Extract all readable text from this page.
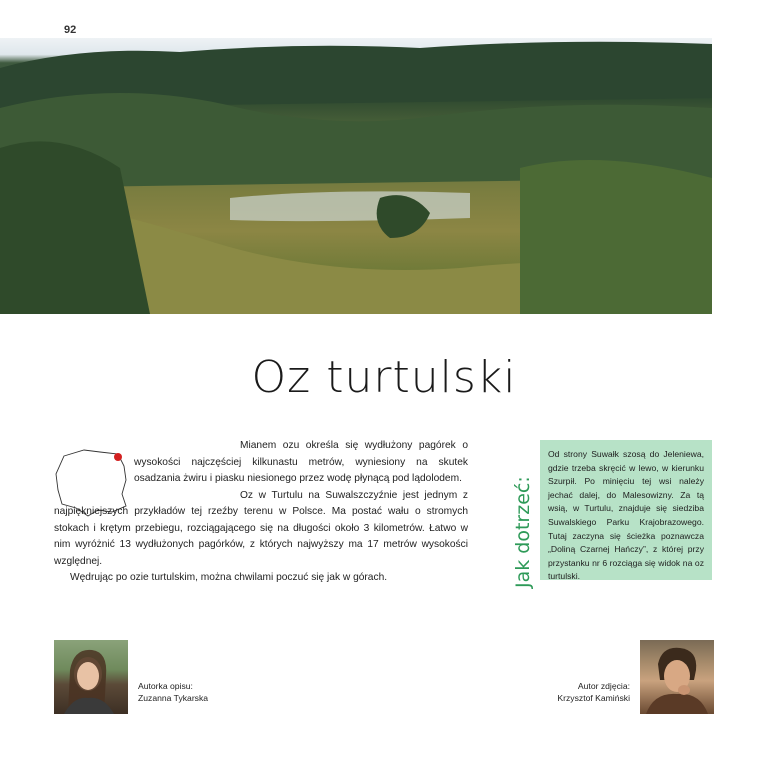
92
Oz turtulski

Mianem ozu określa się wydłużony pagórek o wysokości najczęściej kilkunastu metrów, wyniesiony na skutek osadzania żwiru i piasku niesionego przez wodę płynącą pod lądolodem.

Oz w Turtulu na Suwalszczyźnie jest jednym z najpiękniejszych przykładów tej rzeźby terenu w Polsce. Ma postać wału o stromych stokach i krętym przebiegu, rozciągającego się na długości około 3 kilometrów. Łatwo w nim wyróżnić 13 wydłużonych pagórków, z których najwyższy ma 17 metrów wysokości względnej.

Wędrując po ozie turtulskim, można chwilami poczuć się jak w górach.	Jak dotrzeć:
Od strony Suwałk szosą do Jeleniewa, gdzie trzeba skręcić w lewo, w kierunku Szurpił. Po minięciu tej wsi należy jechać dalej, do Malesowizny. Za tą wsią, w Turtulu, znajduje się siedziba Suwalskiego Parku Krajobrazowego. Tutaj zaczyna się ścieżka poznawcza „Doliną Czarnej Hańczy”, z której przy przystanku nr 6 rozciąga się widok na oz turtulski.
Autorka opisu:
Zuzanna Tykarska
Autor zdjęcia:
Krzysztof Kamiński
